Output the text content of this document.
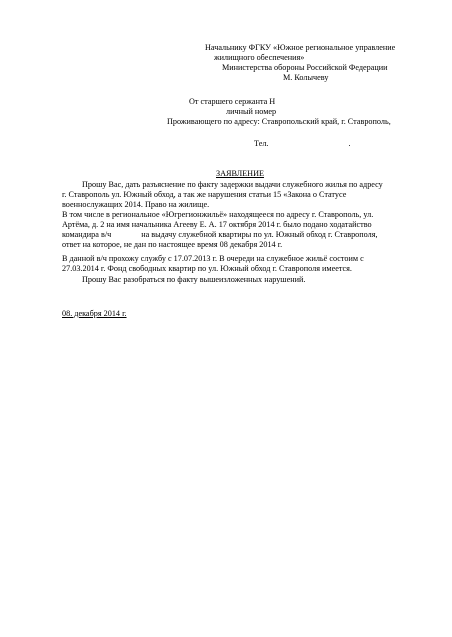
Начальнику ФГКУ «Южное региональное управление
жилищного обеспечения»
Министерства обороны Российской Федерации
М. Колычеву
От старшего сержанта Н
личный номер
Проживающего по адресу: Ставропольский край, г. Ставрополь,
Тел.	.
ЗАЯВЛЕНИЕ
Прошу Вас, дать разъяснение по факту задержки выдачи служебного жилья по адресу
г. Ставрополь ул. Южный обход, а так же нарушения статьи 15 «Закона о Статусе
военнослужащих 2014. Право на жилище.
В том числе в региональное «Югрегионжильё» находящееся по адресу г. Ставрополь, ул.
Артёма, д. 2 на имя начальника Агееву Е. А. 17 октября 2014 г. было подано ходатайство
командира в/ч	на выдачу служебной квартиры по ул. Южный обход г. Ставрополя,
ответ на которое, не дан по настоящее время 08 декабря 2014 г.
В данной в/ч прохожу службу с 17.07.2013 г. В очереди на служебное жильё состоим с
27.03.2014 г. Фонд свободных квартир по ул. Южный обход г. Ставрополя имеется.
Прошу Вас разобраться по факту вышеизложенных нарушений.
08. декабря 2014 г.
